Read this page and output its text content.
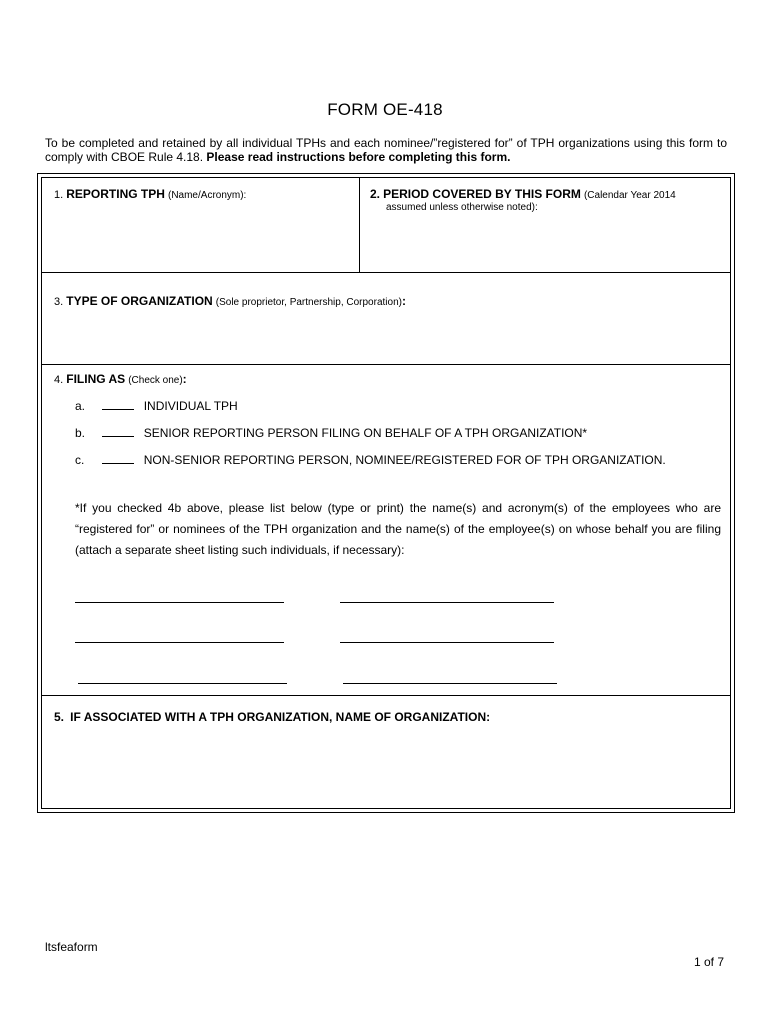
FORM OE-418
To be completed and retained by all individual TPHs and each nominee/”registered for” of TPH organizations using this form to comply with CBOE Rule 4.18. Please read instructions before completing this form.
1. REPORTING TPH (Name/Acronym):	2. PERIOD COVERED BY THIS FORM (Calendar Year 2014
assumed unless otherwise noted):
3. TYPE OF ORGANIZATION (Sole proprietor, Partnership, Corporation):
4. FILING AS (Check one):
a.	INDIVIDUAL TPH
b.	SENIOR REPORTING PERSON FILING ON BEHALF OF A TPH ORGANIZATION*
c.	NON-SENIOR REPORTING PERSON, NOMINEE/REGISTERED FOR OF TPH ORGANIZATION.
*If you checked 4b above, please list below (type or print) the name(s) and acronym(s) of the employees who are “registered for” or nominees of the TPH organization and the name(s) of the employee(s) on whose behalf you are filing (attach a separate sheet listing such individuals, if necessary):
5. IF ASSOCIATED WITH A TPH ORGANIZATION, NAME OF ORGANIZATION:
ltsfeaform
1 of 7
